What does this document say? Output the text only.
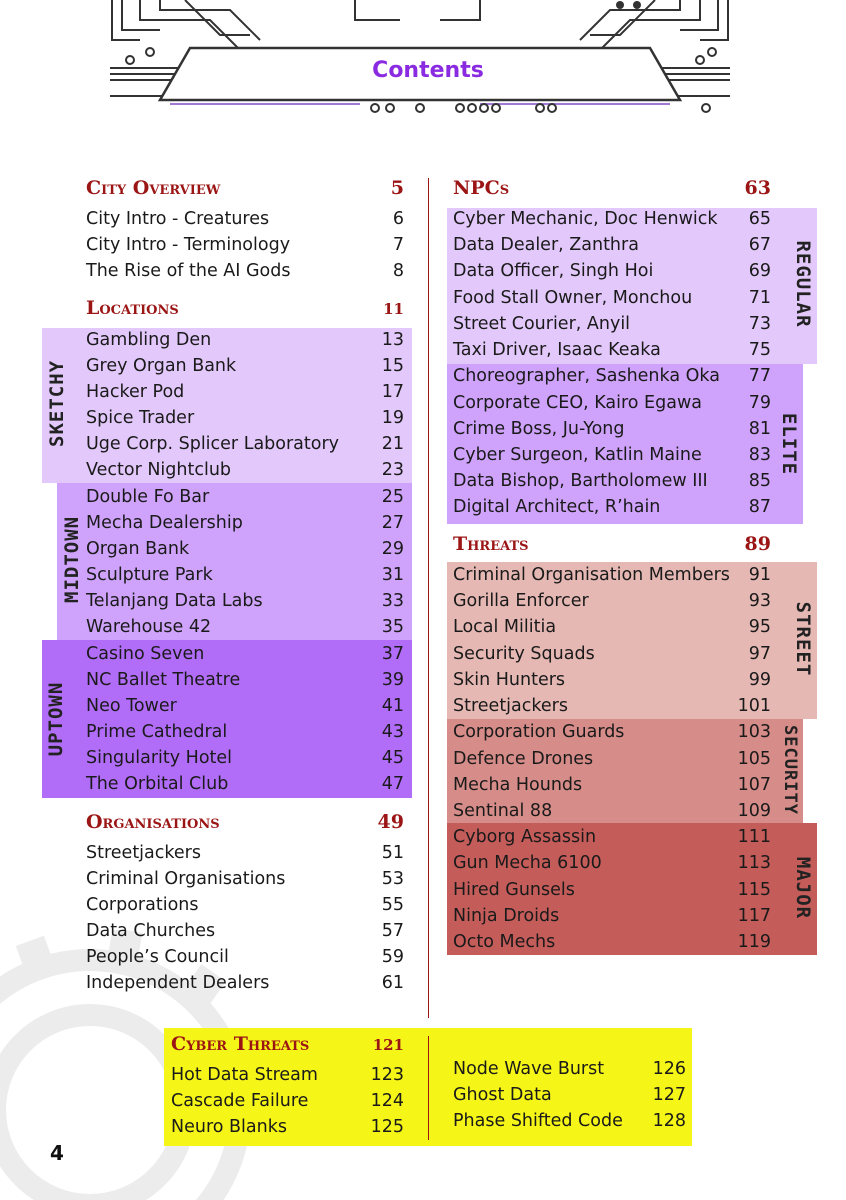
Contents
City Overview	5
City Intro - Creatures	6
City Intro - Terminology	7
The Rise of the AI Gods	8
Locations	11
SKETCHY
MIDTOWN
UPTOWN
Gambling Den	13
Grey Organ Bank	15
Hacker Pod	17
Spice Trader	19
Uge Corp. Splicer Laboratory 21
Vector Nightclub	23
Double Fo Bar	25
Mecha Dealership	27
Organ Bank	29
Sculpture Park	31
Telanjang Data Labs	33
Warehouse 42	35
Casino Seven	37
NC Ballet Theatre	39
Neo Tower	41
Prime Cathedral	43
Singularity Hotel	45
The Orbital Club	47
Organisations	49
Streetjackers	51
Criminal Organisations	53
Corporations	55
Data Churches	57
People’s Council	59
Independent Dealers	61
NPCs	63
REGULAR
ELITE
Cyber Mechanic, Doc Henwick 65
Data Dealer, Zanthra	67
Data Officer, Singh Hoi	69
Food Stall Owner, Monchou	71
Street Courier, Anyil	73
Taxi Driver, Isaac Keaka	75
Choreographer, Sashenka Oka 77
Corporate CEO, Kairo Egawa	79
Crime Boss, Ju-Yong	81
Cyber Surgeon, Katlin Maine	83
Data Bishop, Bartholomew III 85
Digital Architect, R’hain	87
Threats	89
STREET
SECURITY
MAJOR
Criminal Organisation Members 91
Gorilla Enforcer	93
Local Militia	95
Security Squads	97
Skin Hunters	99
Streetjackers	101
Corporation Guards	103
Defence Drones	105
Mecha Hounds	107
Sentinal 88	109
Cyborg Assassin	111
Gun Mecha 6100	113
Hired Gunsels	115
Ninja Droids	117
Octo Mechs	119
Cyber Threats	121
Hot Data Stream	123
Cascade Failure	124
Neuro Blanks	125
Node Wave Burst	126
Ghost Data	127
Phase Shifted Code 128
4
